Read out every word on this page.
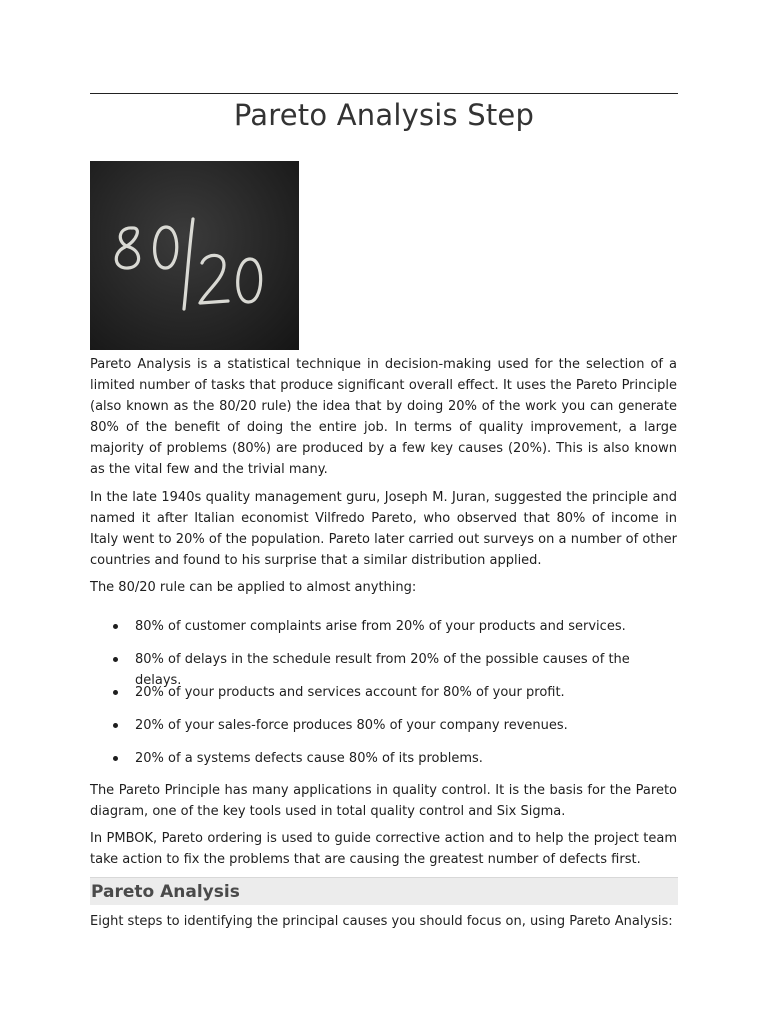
Pareto Analysis Step

Pareto Analysis is a statistical technique in decision-making used for the selection of a limited number of tasks that produce significant overall effect. It uses the Pareto Principle (also known as the 80/20 rule) the idea that by doing 20% of the work you can generate 80% of the benefit of doing the entire job. In terms of quality improvement, a large majority of problems (80%) are produced by a few key causes (20%). This is also known as the vital few and the trivial many.

In the late 1940s quality management guru, Joseph M. Juran, suggested the principle and named it after Italian economist Vilfredo Pareto, who observed that 80% of income in Italy went to 20% of the population. Pareto later carried out surveys on a number of other countries and found to his surprise that a similar distribution applied.

The 80/20 rule can be applied to almost anything:

80% of customer complaints arise from 20% of your products and services.
80% of delays in the schedule result from 20% of the possible causes of the delays.
20% of your products and services account for 80% of your profit.
20% of your sales-force produces 80% of your company revenues.
20% of a systems defects cause 80% of its problems.

The Pareto Principle has many applications in quality control. It is the basis for the Pareto diagram, one of the key tools used in total quality control and Six Sigma.

In PMBOK, Pareto ordering is used to guide corrective action and to help the project team take action to fix the problems that are causing the greatest number of defects first.

Pareto Analysis

Eight steps to identifying the principal causes you should focus on, using Pareto Analysis:
